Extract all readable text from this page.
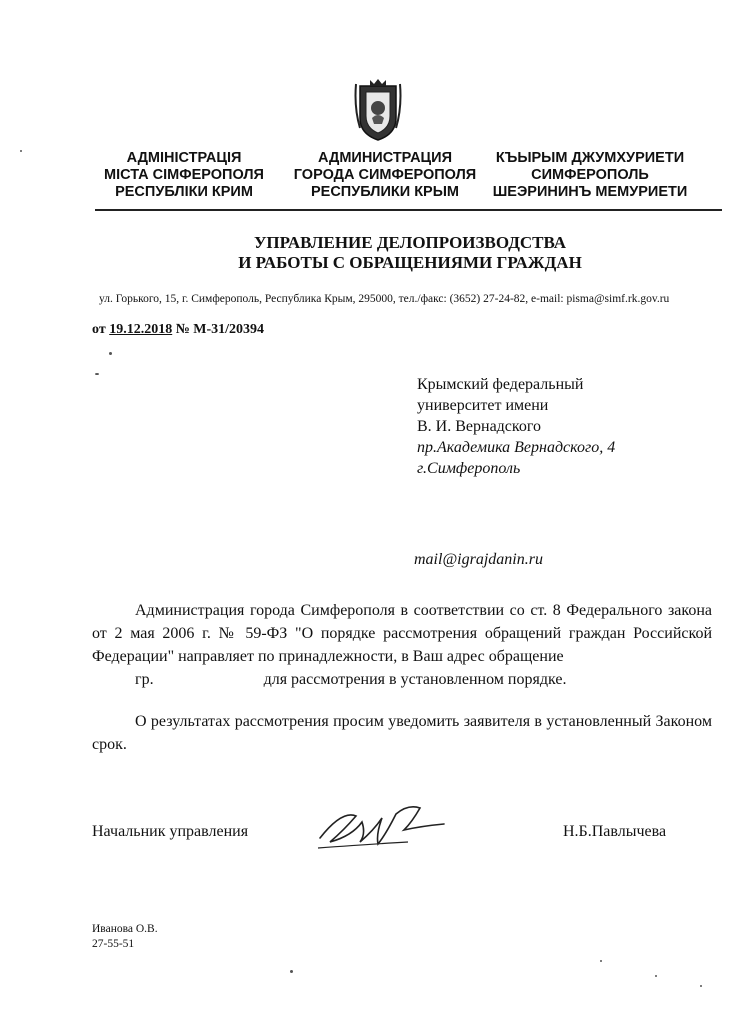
АДМІНІСТРАЦІЯ
МІСТА СІМФЕРОПОЛЯ
РЕСПУБЛІКИ КРИМ
АДМИНИСТРАЦИЯ
ГОРОДА СИМФЕРОПОЛЯ
РЕСПУБЛИКИ КРЫМ
КЪЫРЫМ ДЖУМХУРИЕТИ
СИМФЕРОПОЛЬ
ШЕЭРИНИНЪ МЕМУРИЕТИ
УПРАВЛЕНИЕ ДЕЛОПРОИЗВОДСТВА
И РАБОТЫ С ОБРАЩЕНИЯМИ ГРАЖДАН
ул. Горького, 15, г. Симферополь, Республика Крым, 295000, тел./факс: (3652) 27-24-82, e-mail: pisma@simf.rk.gov.ru
от 19.12.2018 № М-31/20394
Крымский федеральный
университет имени
В. И. Вернадского
пр.Академика Вернадского, 4
г.Симферополь
mail@igrajdanin.ru
Администрация города Симферополя в соответствии со ст. 8 Федерального закона от 2 мая 2006 г. № 59-ФЗ "О порядке рассмотрения обращений граждан Российской Федерации" направляет по принадлежности, в Ваш адрес обращение
гр.	для рассмотрения в установленном порядке.
О результатах рассмотрения просим уведомить заявителя в установленный Законом срок.
Начальник управления	Н.Б.Павлычева
Иванова О.В.
27-55-51
